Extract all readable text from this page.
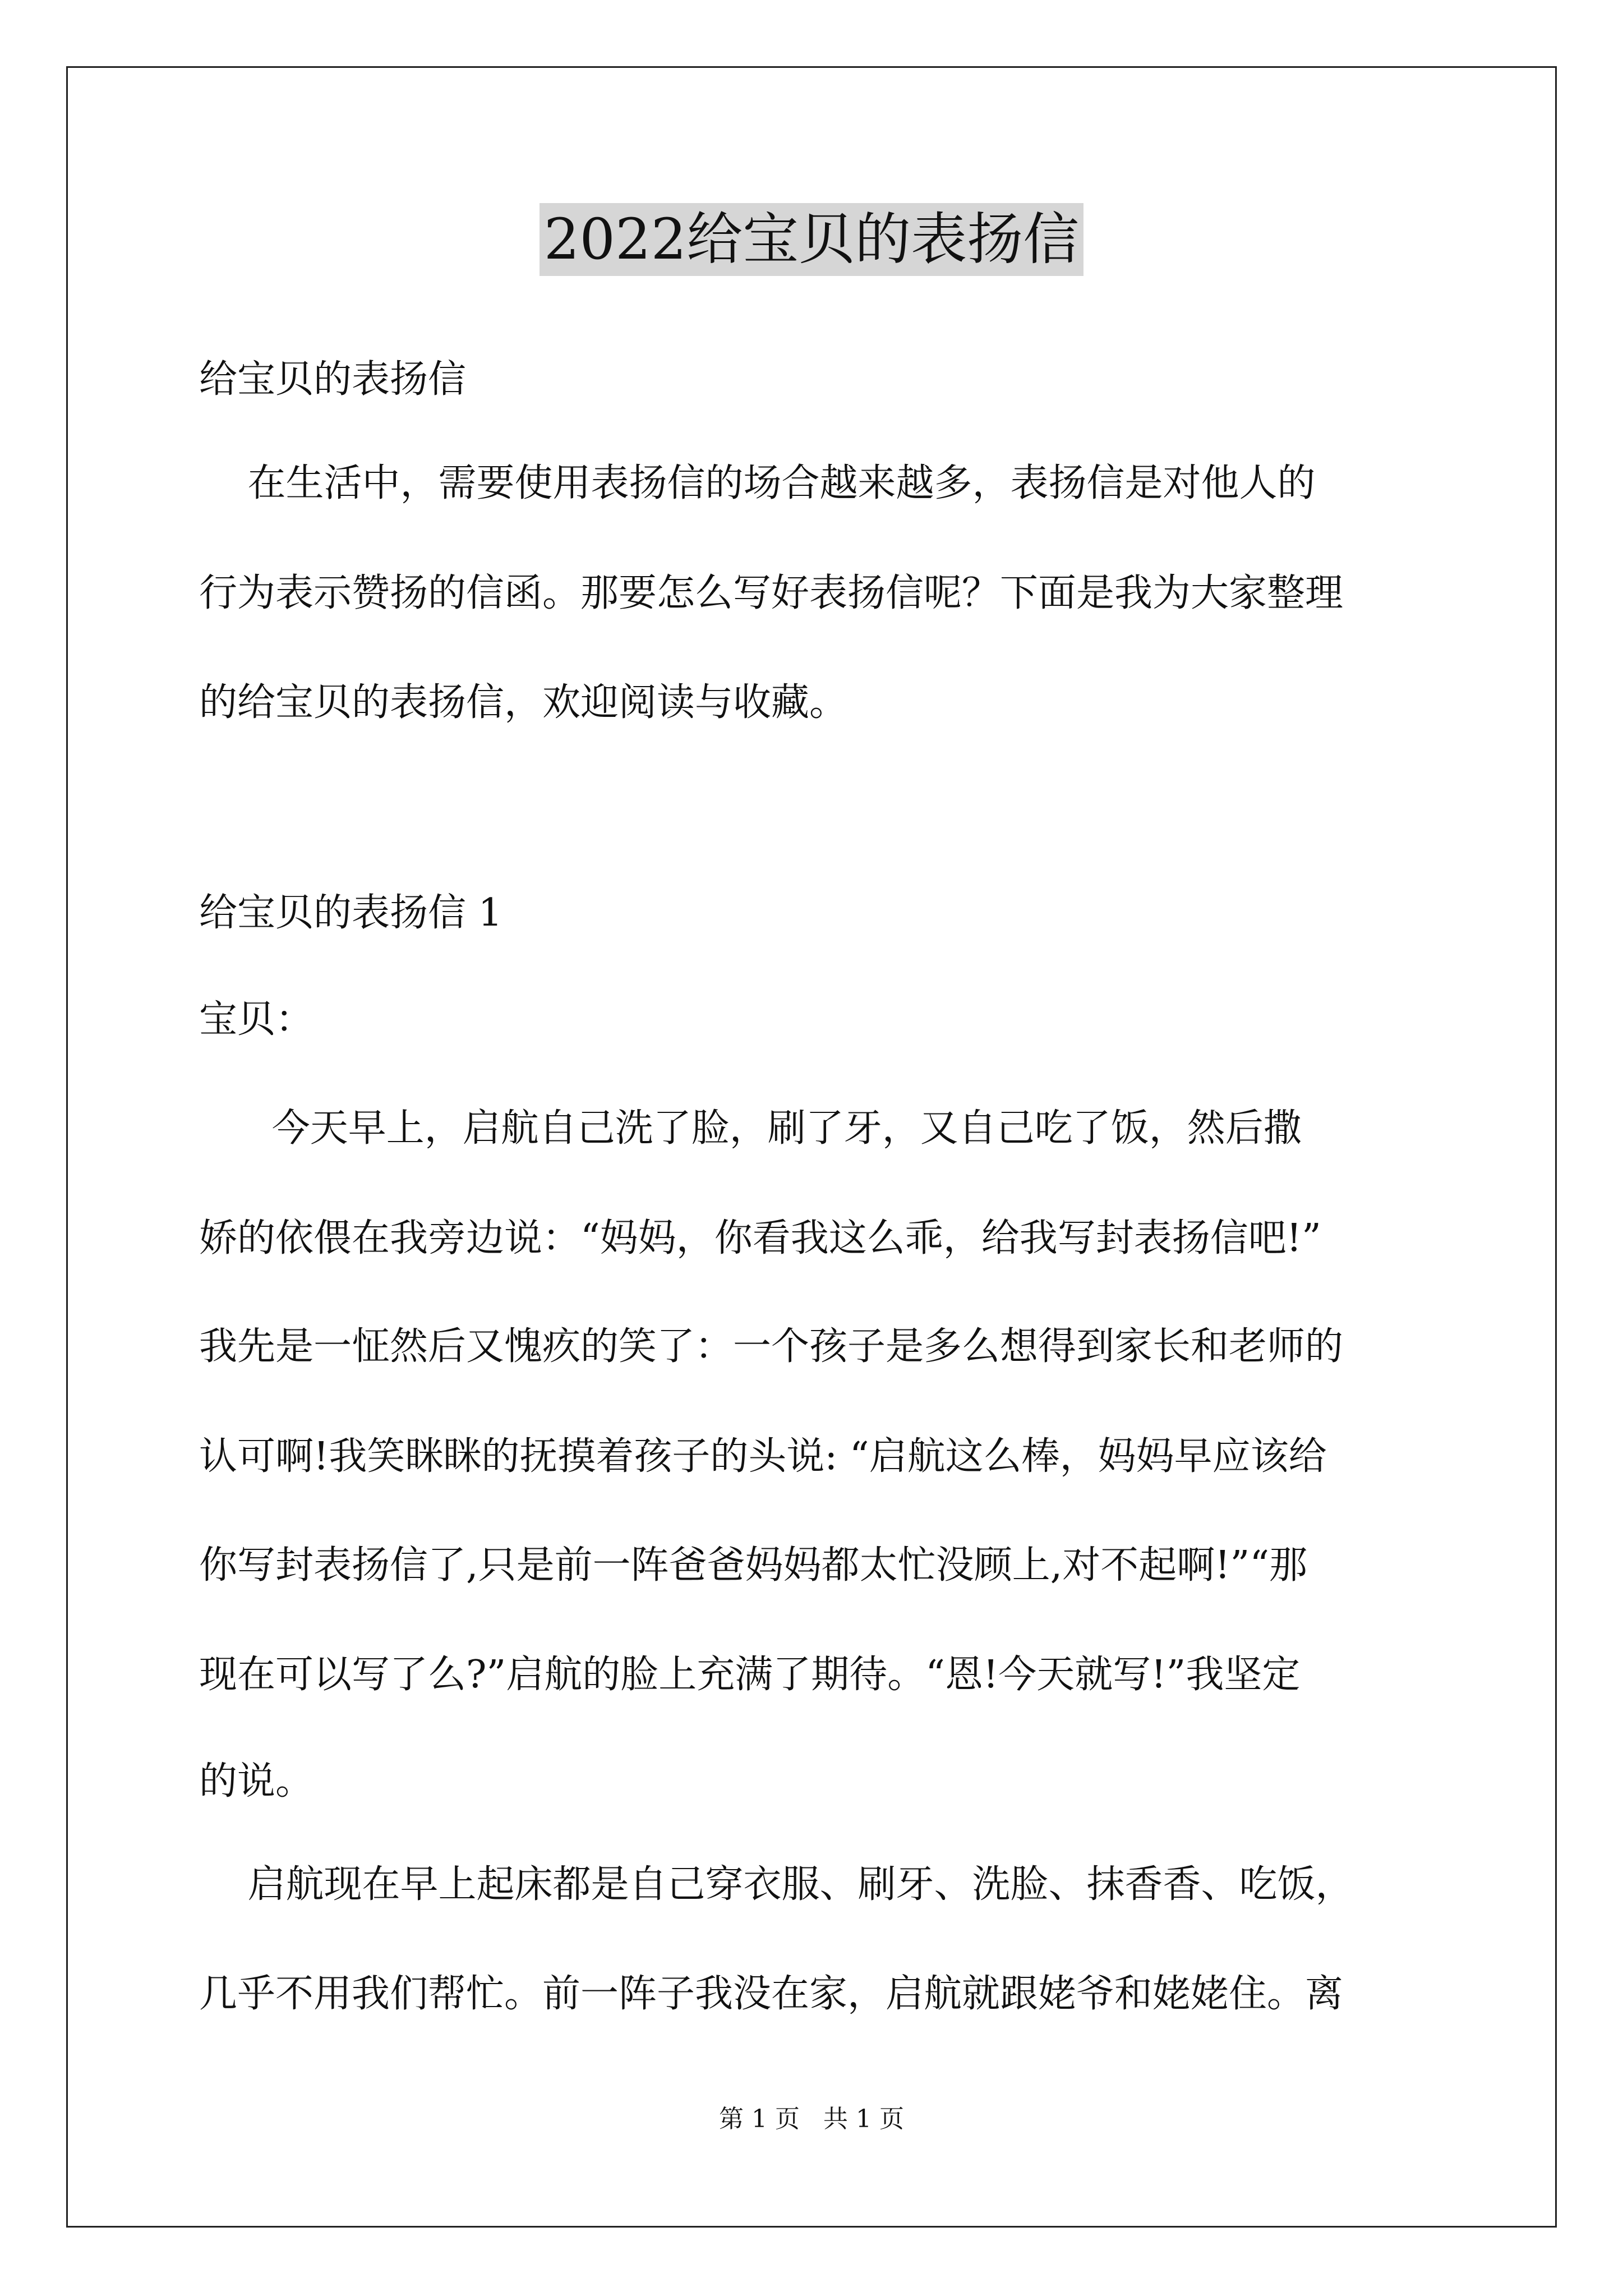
2022给宝贝的表扬信
给宝贝的表扬信
在生活中，需要使用表扬信的场合越来越多，表扬信是对他人的
行为表示赞扬的信函。那要怎么写好表扬信呢？下面是我为大家整理
的给宝贝的表扬信，欢迎阅读与收藏。
给宝贝的表扬信 1
宝贝：
今天早上，启航自己洗了脸，刷了牙，又自己吃了饭，然后撒
娇的依偎在我旁边说：“妈妈，你看我这么乖，给我写封表扬信吧!”
我先是一怔然后又愧疚的笑了：一个孩子是多么想得到家长和老师的
认可啊!我笑眯眯的抚摸着孩子的头说: “启航这么棒，妈妈早应该给
你写封表扬信了,只是前一阵爸爸妈妈都太忙没顾上,对不起啊!”“那
现在可以写了么?”启航的脸上充满了期待。“恩!今天就写!”我坚定
的说。
启航现在早上起床都是自己穿衣服、刷牙、洗脸、抹香香、吃饭，
几乎不用我们帮忙。前一阵子我没在家，启航就跟姥爷和姥姥住。离
第 1 页 共 1 页
